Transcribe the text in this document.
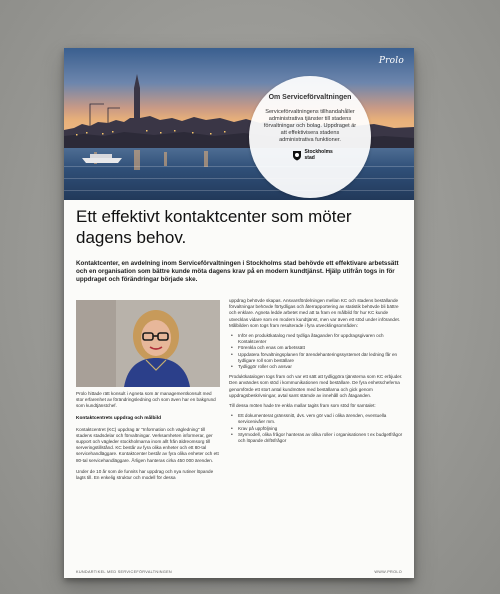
Prolo
Om Serviceförvaltningen
Serviceförvaltningens tillhandahåller administrativa tjänster till stadens förvaltningar och bolag. Uppdraget är att effektivisera stadens administrativa funktioner.
Stockholms stad
Ett effektivt kontaktcenter som möter dagens behov.

Kontaktcenter, en avdelning inom Serviceförvaltningen i Stockholms stad behövde ett effektivare arbetssätt och en organisation som bättre kunde möta dagens krav på en modern kundtjänst. Hjälp utifrån togs in för uppdraget och förändringar började ske.

Prolo hittade rätt konsult i Agneta som är managementkonsult med stor erfarenhet av förändringsledning och som även har en bakgrund som kundtjänstchef.

Kontaktcentrets uppdrag och målbild

Kontaktcentret (KC) uppdrag är "Information och vägledning" till stadens stadsdelar och förvaltningar. Verksamheten informerar, ger support och vägleder stockholmarna inom allt från äldreomsorg till serveringstillstånd. KC består av fyra olika enheter och ett 80-tal servicehandläggare. Kontaktcenter består av fyra olika enheter och ett 80-tal servicehandläggare. Årligen hanteras cirka 450 000 ärenden.

Under de 10 år som de funnits har uppdrag och nya rutiner löpande lagts till. En enkelig struktur och modell för dessa

uppdrag behövde skapas. Ansvarsfördelningen mellan KC och stadens beställande förvaltningar behövde förtydligas och återrapportering av statistik behövde bli bättre och enklare. Agneta ledde arbetet med att ta fram en målbild för hur KC kunde utvecklas vidare som en modern kundtjänst, men var även ett stöd under införandet. Målbilden som togs fram resulterade i fyra utvecklingsområden:

• Inför en produktkatalog med tydliga åtaganden för uppdragsgivaren och Kontaktcenter
• Förenkla och enas om arbetssätt
• Uppdatera förvaltningsplanen för ärendehanteringssystemet där ledning får en tydligare roll som beställare
• Tydliggör roller och ansvar

Produktkatalogen togs fram och var ett sätt att tydliggöra tjänsterna som KC erbjuder. Den användes som stöd i kommunikationen med beställare. De fyra enhetscheferna genomförde ett stort antal kundmöten med beställarna och gick genom uppdragsbeskrivningar, avtal samt stämde av innehåll och åtaganden.

Till dessa möten hade tre enkla mallar tagits fram som stöd för samtalet:

• Ett dokumenterat gränssnitt, dvs. vem gör vad i olika ärenden, eventuella servicenivåer mm.
• Krav på uppföljning
• Styrmodell, olika frågor hanteras av olika roller i organisationen t ex budgetfrågor och löpande driftsfrågor
KUNDARTIKEL MED SERVICEFÖRVALTNINGEN	WWW.PROLO
